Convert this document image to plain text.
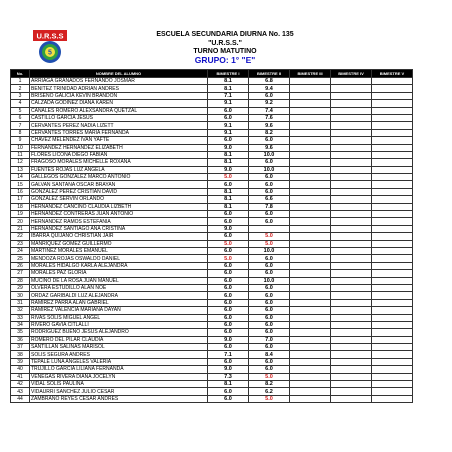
U.R.S.S
5
ESCUELA SECUNDARIA DIURNA No. 135
"U.R.S.S."
TURNO MATUTINO
GRUPO: 1° "E"
No.	NOMBRE DEL ALUMNO	BIMESTRE I	BIMESTRE II	BIMESTRE III	BIMESTRE IV	BIMESTRE V
1	ARRIAGA GRANADOS FERNANDO JOSMAR	8.1	6.8			
2	BENITEZ TRINIDAD ADRIAN ANDRES	8.1	9.4			
3	BRISEÑO GALICIA KEVIN BRANDON	7.1	6.0			
4	CALZADA GODINEZ DIANA KAREN	9.1	9.2			
5	CANALES ROMERO ALEXSANDRA QUETZAL	6.0	7.4			
6	CASTILLO GARCIA JESUS	6.0	7.6			
7	CERVANTES PEREZ NADIA LIZETT	9.1	9.6			
8	CERVANTES TORRES MARIA FERNANDA	9.1	8.2			
9	CHAVEZ MELENDEZ IVAN YAFTE	6.0	6.0			
10	FERNANDEZ HERNANDEZ ELIZABETH	9.0	9.6			
11	FLORES LICONA DIEGO FABIAN	8.1	10.0			
12	FRAGOSO MORALES MICHELLE ROXANA	8.1	6.0			
13	FUENTES ROJAS LUZ ANGELA	9.0	10.0			
14	GALLEGOS GONZALEZ MARCO ANTONIO	5.0	6.0			
15	GALVAN SANTANA OSCAR BRAYAN	6.0	6.0			
16	GONZALEZ PEREZ CRISTIAN DAVID	8.1	6.0			
17	GONZALEZ SERVIN ORLANDO	8.1	6.6			
18	HERNANDEZ CANCINO CLAUDIA LIZBETH	8.1	7.8			
19	HERNANDEZ CONTRERAS JUAN ANTONIO	6.0	6.0			
20	HERNANDEZ RAMOS ESTEFANIA	6.0	6.0			
21	HERNANDEZ SANTIAGO ANA CRISTINA	9.0				
22	IBARRA QUIJANO CHRISTIAN JAIR	6.0	5.0			
23	MANRIQUEZ GOMEZ GUILLERMO	5.0	5.0			
24	MARTINEZ MORALES EMANUEL	6.0	10.0			
25	MENDOZA ROJAS OSWALDO DANIEL	5.0	6.0			
26	MORALES HIDALGO KARLA ALEJANDRA	6.0	6.0			
27	MORALES PAZ GLORIA	6.0	6.0			
28	MUCIÑO DE LA ROSA JUAN MANUEL	6.0	10.0			
29	OLVERA ESTUDILLO ALAN NOE	6.0	6.0			
30	ORDAZ GARIBALDI LUZ ALEJANDRA	6.0	6.0			
31	RAMIREZ PARRA ALAN GABRIEL	6.0	6.0			
32	RAMIREZ VALENCIA MARIANA DAYAN	6.0	6.0			
33	RIVAS SOLIS MIGUEL ANGEL	6.0	6.0			
34	RIVERO GAVIA CITLALLI	6.0	6.0			
35	RODRIGUEZ BUENO JESUS ALEJANDRO	6.0	6.0			
36	ROMERO DEL PILAR CLAUDIA	9.0	7.0			
37	SANTILLAN SALINAS MARISOL	6.0	6.0			
38	SOLIS SEGURA ANDRES	7.1	8.4			
39	TEPALE LUNA ANGELES VALERIA	6.0	6.0			
40	TRUJILLO GARCIA LILIANA FERNANDA	9.0	6.0			
41	VENEGAS RIVERA DIANA JOCELYN	7.3	5.0			
42	VIDAL SOLIS PAULINA	8.1	8.2			
43	VIDAURRI SANCHEZ JULIO CESAR	6.0	6.2			
44	ZAMBRANO REYES CESAR ANDRES	6.0	5.0			
